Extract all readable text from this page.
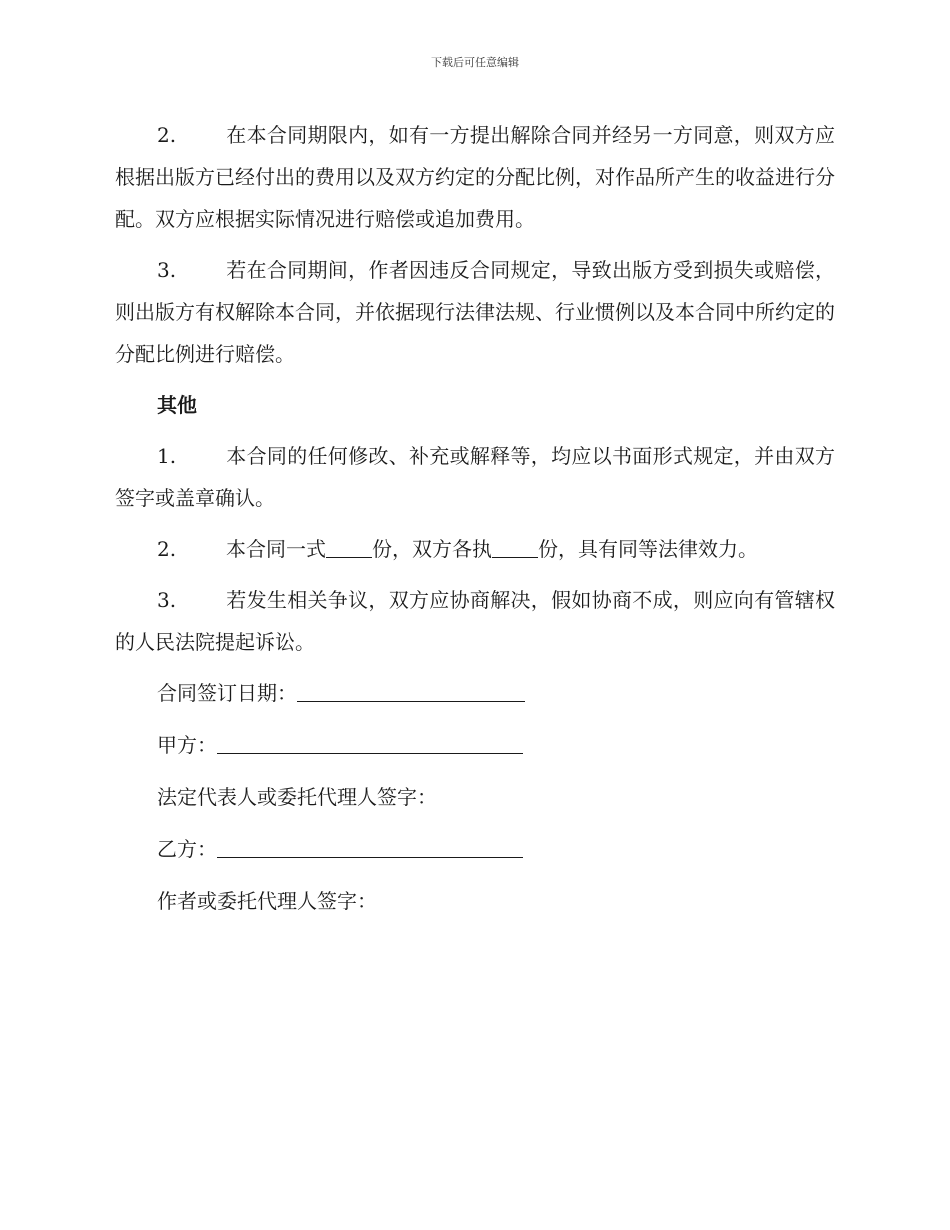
下载后可任意编辑

2. 在本合同期限内，如有一方提出解除合同并经另一方同意，则双方应根据出版方已经付出的费用以及双方约定的分配比例，对作品所产生的收益进行分配。双方应根据实际情况进行赔偿或追加费用。

3. 若在合同期间，作者因违反合同规定，导致出版方受到损失或赔偿，则出版方有权解除本合同，并依据现行法律法规、行业惯例以及本合同中所约定的分配比例进行赔偿。

其他

1. 本合同的任何修改、补充或解释等，均应以书面形式规定，并由双方签字或盖章确认。

2. 本合同一式 份，双方各执 份，具有同等法律效力。

3. 若发生相关争议，双方应协商解决，假如协商不成，则应向有管辖权的人民法院提起诉讼。

合同签订日期：
甲方：
法定代表人或委托代理人签字：
乙方：
作者或委托代理人签字：
